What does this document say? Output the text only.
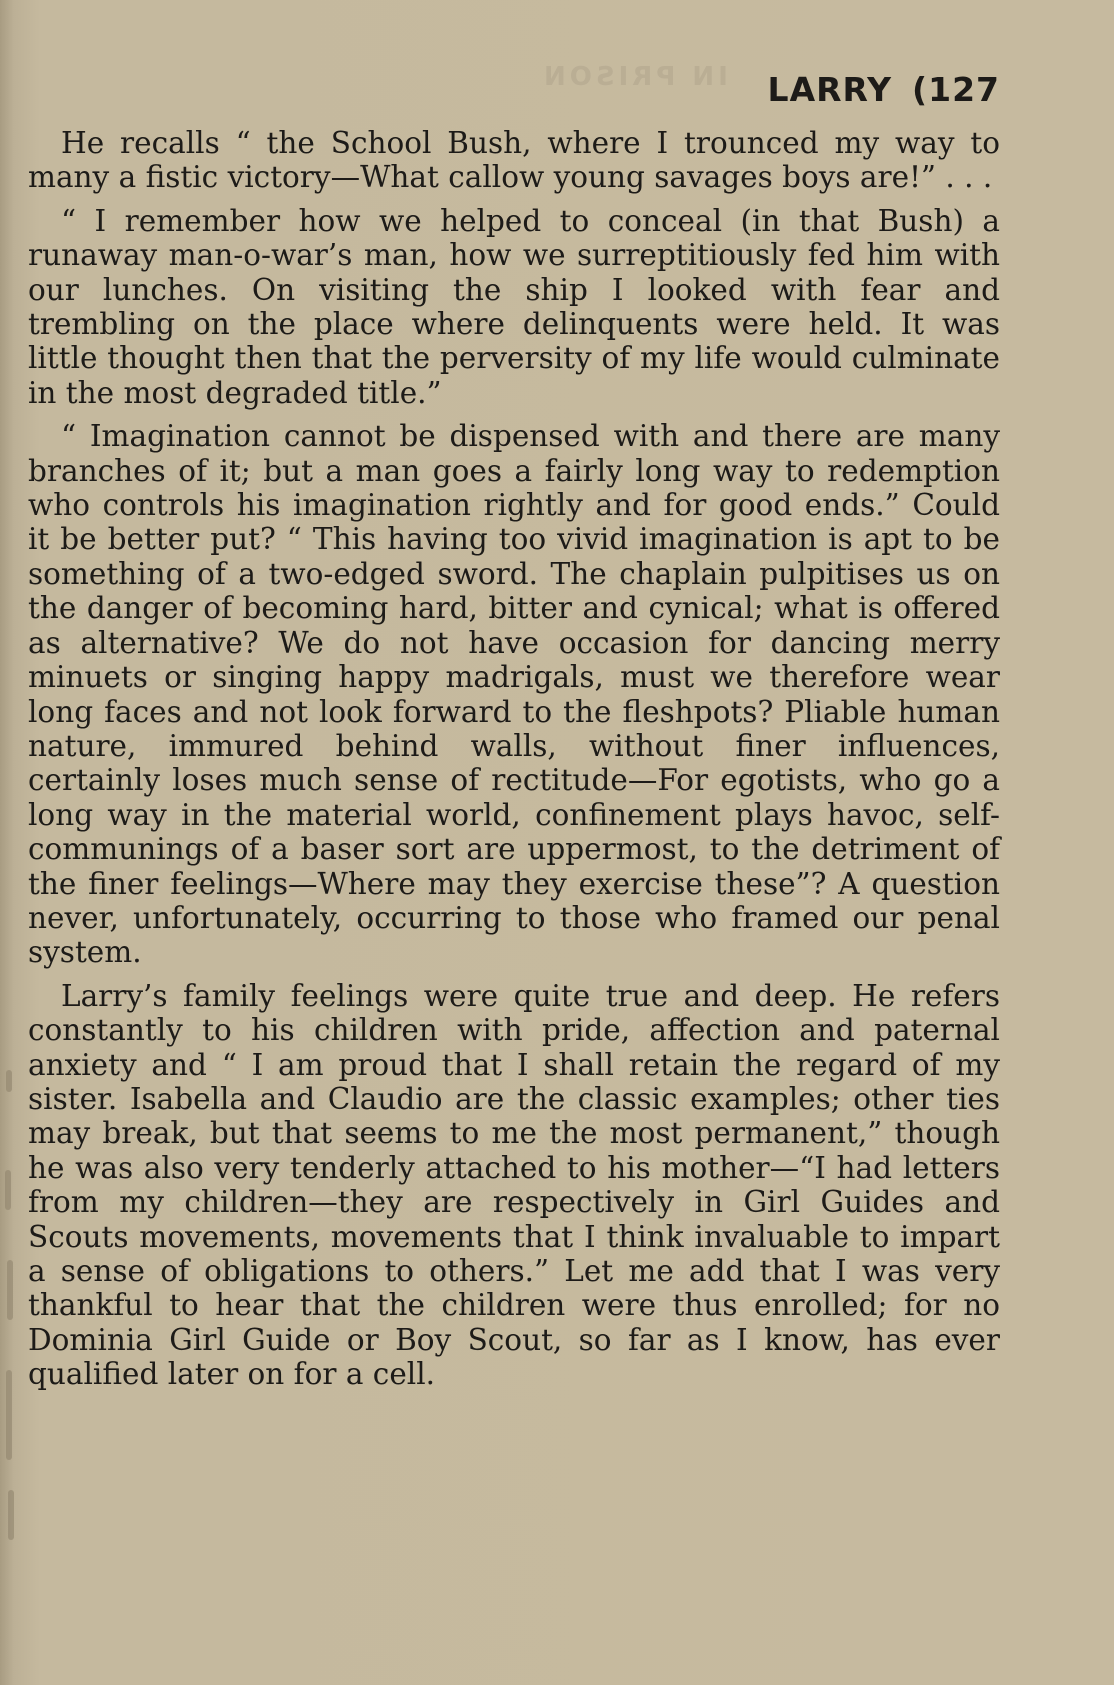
IN PRISON LARRY (127

He recalls “ the School Bush, where I trounced my way to many a fistic victory—What callow young savages boys are!” . . .

“ I remember how we helped to conceal (in that Bush) a runaway man-o-war’s man, how we surreptitiously fed him with our lunches. On visiting the ship I looked with fear and trembling on the place where delinquents were held. It was little thought then that the perversity of my life would culminate in the most degraded title.”

“ Imagination cannot be dispensed with and there are many branches of it; but a man goes a fairly long way to redemption who controls his imagination rightly and for good ends.” Could it be better put? “ This having too vivid imagination is apt to be something of a two-edged sword. The chaplain pulpitises us on the danger of becoming hard, bitter and cynical; what is offered as alternative? We do not have occasion for dancing merry minuets or singing happy madrigals, must we therefore wear long faces and not look forward to the fleshpots? Pliable human nature, immured behind walls, without finer influences, certainly loses much sense of rectitude—For egotists, who go a long way in the material world, confinement plays havoc, self-communings of a baser sort are uppermost, to the detriment of the finer feelings—Where may they exercise these”? A question never, unfortunately, occurring to those who framed our penal system.

Larry’s family feelings were quite true and deep. He refers constantly to his children with pride, affection and paternal anxiety and “ I am proud that I shall retain the regard of my sister. Isabella and Claudio are the classic examples; other ties may break, but that seems to me the most permanent,” though he was also very tenderly attached to his mother—“I had letters from my children—they are respectively in Girl Guides and Scouts movements, movements that I think invaluable to impart a sense of obligations to others.” Let me add that I was very thankful to hear that the children were thus enrolled; for no Dominia Girl Guide or Boy Scout, so far as I know, has ever qualified later on for a cell.
